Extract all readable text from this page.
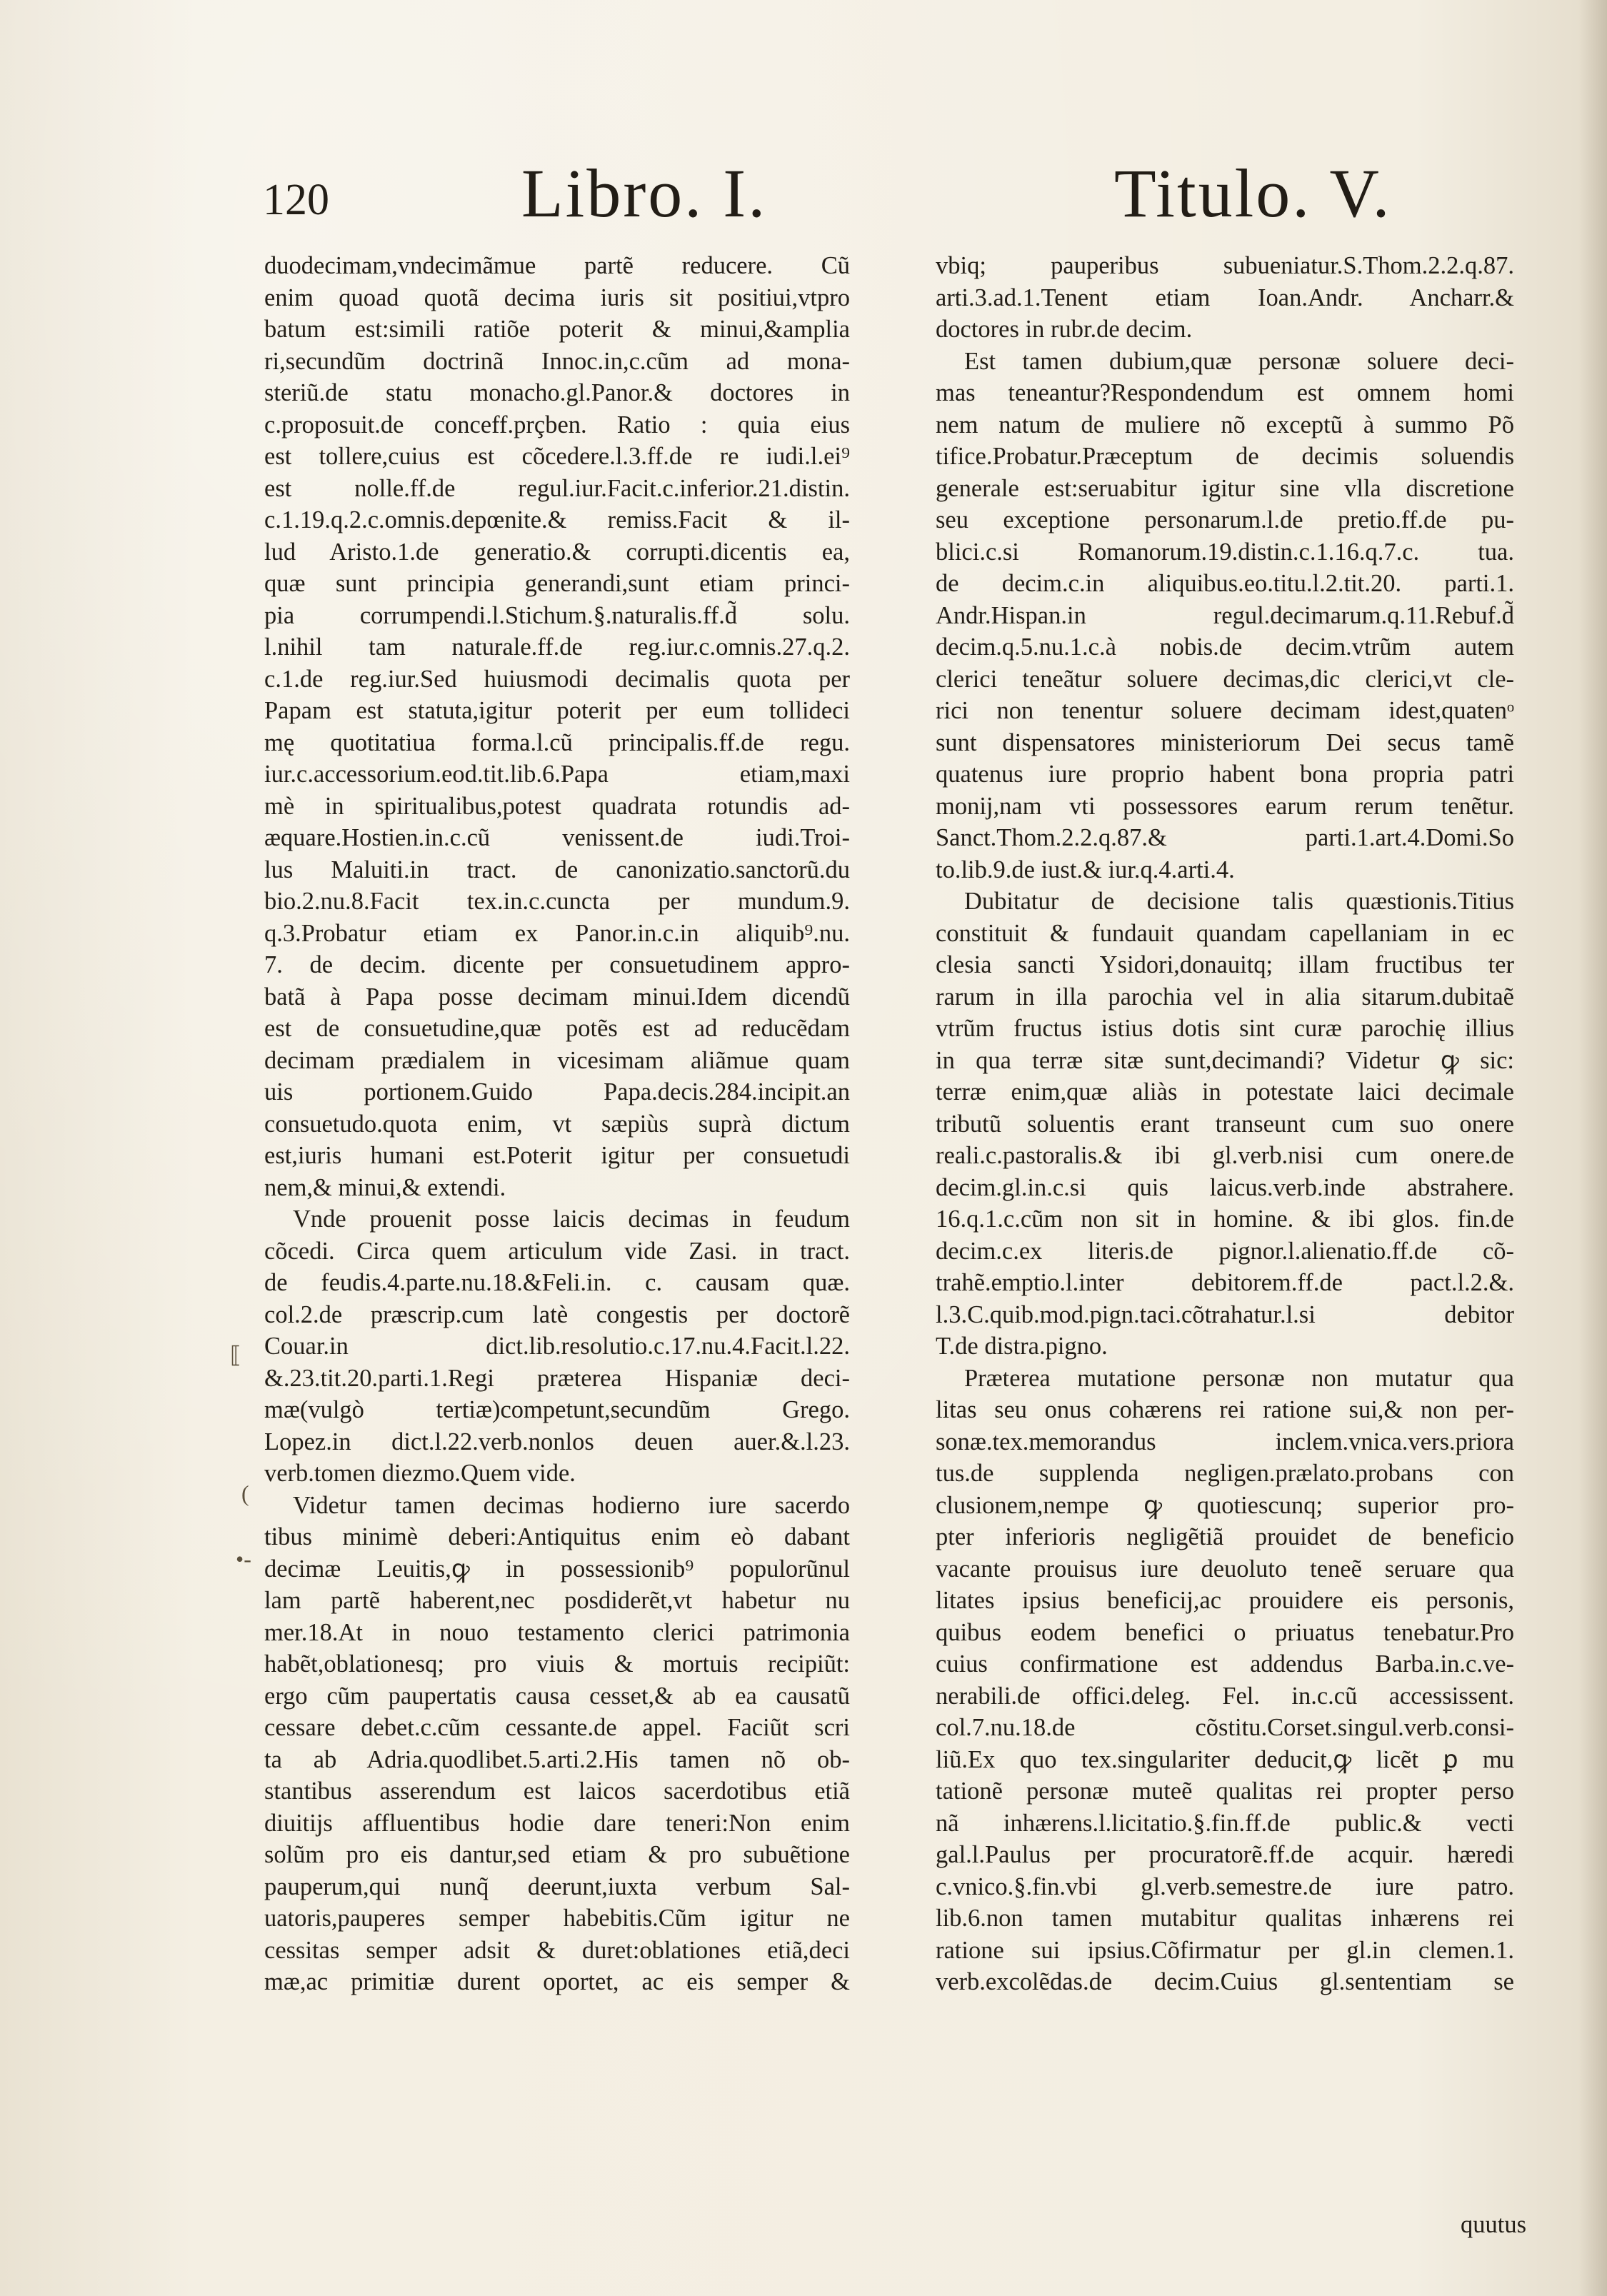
120	Libro. I.	Titulo. V.
duodecimam,vndecimãmue partẽ reducere. Cũ
enim quoad quotã decima iuris sit positiui,vtpro
batum est:simili ratiõe poterit & minui,&amplia
ri,secundũm doctrinã Innoc.in,c.cũm ad mona-
steriũ.de statu monacho.gl.Panor.& doctores in
c.proposuit.de conceff.prçben. Ratio : quia eius
est tollere,cuius est cõcedere.l.3.ff.de re iudi.l.ei⁹
est nolle.ff.de regul.iur.Facit.c.inferior.21.distin.
c.1.19.q.2.c.omnis.depœnite.& remiss.Facit & il-
lud Aristo.1.de generatio.& corrupti.dicentis ea,
quæ sunt principia generandi,sunt etiam princi-
pia corrumpendi.l.Stichum.§.naturalis.ff.d̃ solu.
l.nihil tam naturale.ff.de reg.iur.c.omnis.27.q.2.
c.1.de reg.iur.Sed huiusmodi decimalis quota per
Papam est statuta,igitur poterit per eum tollideci
mę quotitatiua forma.l.cũ principalis.ff.de regu.
iur.c.accessorium.eod.tit.lib.6.Papa etiam,maxi
mè in spiritualibus,potest quadrata rotundis ad-
æquare.Hostien.in.c.cũ venissent.de iudi.Troi-
lus Maluiti.in tract. de canonizatio.sanctorũ.du
bio.2.nu.8.Facit tex.in.c.cuncta per mundum.9.
q.3.Probatur etiam ex Panor.in.c.in aliquib⁹.nu.
7. de decim. dicente per consuetudinem appro-
batã à Papa posse decimam minui.Idem dicendũ
est de consuetudine,quæ potẽs est ad reducẽdam
decimam prædialem in vicesimam aliãmue quam
uis portionem.Guido Papa.decis.284.incipit.an
consuetudo.quota enim, vt sæpiùs suprà dictum
est,iuris humani est.Poterit igitur per consuetudi
nem,& minui,& extendi.
Vnde prouenit posse laicis decimas in feudum
cõcedi. Circa quem articulum vide Zasi. in tract.
de feudis.4.parte.nu.18.&Feli.in. c. causam quæ.
col.2.de præscrip.cum latè congestis per doctorẽ
Couar.in dict.lib.resolutio.c.17.nu.4.Facit.l.22.
&.23.tit.20.parti.1.Regi præterea Hispaniæ deci-
mæ(vulgò tertiæ)competunt,secundũm Grego.
Lopez.in dict.l.22.verb.nonlos deuen auer.&.l.23.
verb.tomen diezmo.Quem vide.
Videtur tamen decimas hodierno iure sacerdo
tibus minimè deberi:Antiquitus enim eò dabant
decimæ Leuitis,ꝙ in possessionib⁹ populorũnul
lam partẽ haberent,nec posdiderẽt,vt habetur nu
mer.18.At in nouo testamento clerici patrimonia
habẽt,oblationesq; pro viuis & mortuis recipiũt:
ergo cũm paupertatis causa cesset,& ab ea causatũ
cessare debet.c.cũm cessante.de appel. Faciũt scri
ta ab Adria.quodlibet.5.arti.2.His tamen nõ ob-
stantibus asserendum est laicos sacerdotibus etiã
diuitijs affluentibus hodie dare teneri:Non enim
solũm pro eis dantur,sed etiam & pro subuẽtione
pauperum,qui nunq̃ deerunt,iuxta verbum Sal-
uatoris,pauperes semper habebitis.Cũm igitur ne
cessitas semper adsit & duret:oblationes etiã,deci
mæ,ac primitiæ durent oportet, ac eis semper &
vbiq; pauperibus subueniatur.S.Thom.2.2.q.87.
arti.3.ad.1.Tenent etiam Ioan.Andr. Ancharr.&
doctores in rubr.de decim.
Est tamen dubium,quæ personæ soluere deci-
mas teneantur?Respondendum est omnem homi
nem natum de muliere nõ exceptũ à summo Põ
tifice.Probatur.Præceptum de decimis soluendis
generale est:seruabitur igitur sine vlla discretione
seu exceptione personarum.l.de pretio.ff.de pu-
blici.c.si Romanorum.19.distin.c.1.16.q.7.c. tua.
de decim.c.in aliquibus.eo.titu.l.2.tit.20. parti.1.
Andr.Hispan.in regul.decimarum.q.11.Rebuf.d̃
decim.q.5.nu.1.c.à nobis.de decim.vtrũm autem
clerici teneãtur soluere decimas,dic clerici,vt cle-
rici non tenentur soluere decimam idest,quatenᵒ
sunt dispensatores ministeriorum Dei secus tamẽ
quatenus iure proprio habent bona propria patri
monij,nam vti possessores earum rerum tenẽtur.
Sanct.Thom.2.2.q.87.& parti.1.art.4.Domi.So
to.lib.9.de iust.& iur.q.4.arti.4.
Dubitatur de decisione talis quæstionis.Titius
constituit & fundauit quandam capellaniam in ec
clesia sancti Ysidori,donauitq; illam fructibus ter
rarum in illa parochia vel in alia sitarum.dubitaẽ
vtrũm fructus istius dotis sint curæ parochię illius
in qua terræ sitæ sunt,decimandi? Videtur ꝙ sic:
terræ enim,quæ aliàs in potestate laici decimale
tributũ soluentis erant transeunt cum suo onere
reali.c.pastoralis.& ibi gl.verb.nisi cum onere.de
decim.gl.in.c.si quis laicus.verb.inde abstrahere.
16.q.1.c.cũm non sit in homine. & ibi glos. fin.de
decim.c.ex literis.de pignor.l.alienatio.ff.de cõ-
trahẽ.emptio.l.inter debitorem.ff.de pact.l.2.&.
l.3.C.quib.mod.pign.taci.cõtrahatur.l.si debitor
T.de distra.pigno.
Præterea mutatione personæ non mutatur qua
litas seu onus cohærens rei ratione sui,& non per-
sonæ.tex.memorandus inclem.vnica.vers.priora
tus.de supplenda negligen.prælato.probans con
clusionem,nempe ꝙ quotiescunq; superior pro-
pter inferioris negligẽtiã prouidet de beneficio
vacante prouisus iure deuoluto teneẽ seruare qua
litates ipsius beneficij,ac prouidere eis personis,
quibus eodem benefici o priuatus tenebatur.Pro
cuius confirmatione est addendus Barba.in.c.ve-
nerabili.de offici.deleg. Fel. in.c.cũ accessissent.
col.7.nu.18.de cõstitu.Corset.singul.verb.consi-
liũ.Ex quo tex.singulariter deducit,ꝙ licẽt ꝑ mu
tationẽ personæ muteẽ qualitas rei propter perso
nã inhærens.l.licitatio.§.fin.ff.de public.& vecti
gal.l.Paulus per procuratorẽ.ff.de acquir. hæredi
c.vnico.§.fin.vbi gl.verb.semestre.de iure patro.
lib.6.non tamen mutabitur qualitas inhærens rei
ratione sui ipsius.Cõfirmatur per gl.in clemen.1.
verb.excolẽdas.de decim.Cuius gl.sententiam se
⟦
(
•-
quutus
